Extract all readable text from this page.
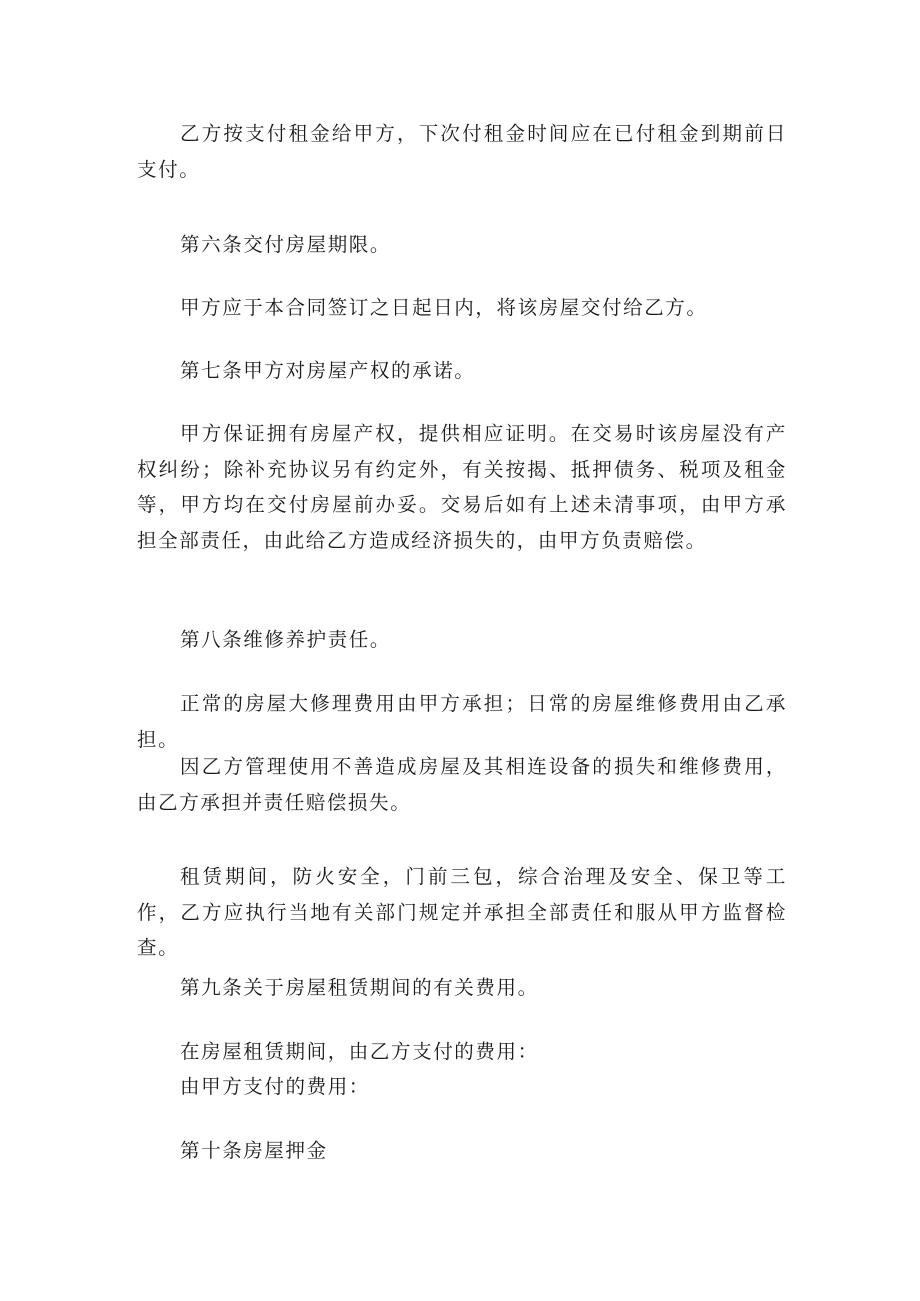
乙方按支付租金给甲方，下次付租金时间应在已付租金到期前日支付。

第六条交付房屋期限。

甲方应于本合同签订之日起日内，将该房屋交付给乙方。

第七条甲方对房屋产权的承诺。

甲方保证拥有房屋产权，提供相应证明。在交易时该房屋没有产权纠纷；除补充协议另有约定外，有关按揭、抵押债务、税项及租金等，甲方均在交付房屋前办妥。交易后如有上述未清事项，由甲方承担全部责任，由此给乙方造成经济损失的，由甲方负责赔偿。

第八条维修养护责任。

正常的房屋大修理费用由甲方承担；日常的房屋维修费用由乙承担。

因乙方管理使用不善造成房屋及其相连设备的损失和维修费用，由乙方承担并责任赔偿损失。

租赁期间，防火安全，门前三包，综合治理及安全、保卫等工作，乙方应执行当地有关部门规定并承担全部责任和服从甲方监督检查。

第九条关于房屋租赁期间的有关费用。

在房屋租赁期间，由乙方支付的费用：

由甲方支付的费用：

第十条房屋押金
